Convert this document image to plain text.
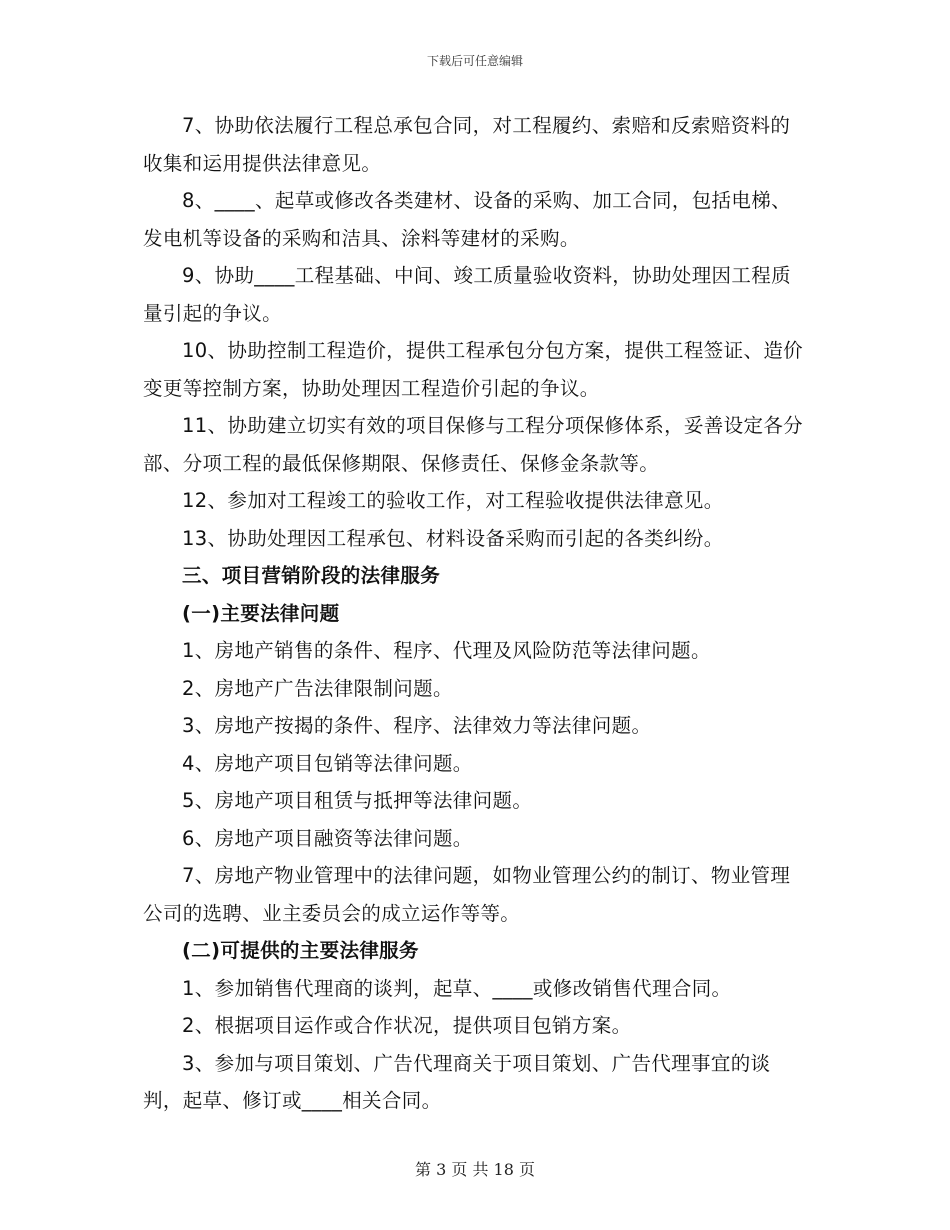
下载后可任意编辑

7、协助依法履行工程总承包合同，对工程履约、索赔和反索赔资料的收集和运用提供法律意见。

8、____、起草或修改各类建材、设备的采购、加工合同，包括电梯、发电机等设备的采购和洁具、涂料等建材的采购。

9、协助____工程基础、中间、竣工质量验收资料，协助处理因工程质量引起的争议。

10、协助控制工程造价，提供工程承包分包方案，提供工程签证、造价变更等控制方案，协助处理因工程造价引起的争议。

11、协助建立切实有效的项目保修与工程分项保修体系，妥善设定各分部、分项工程的最低保修期限、保修责任、保修金条款等。

12、参加对工程竣工的验收工作，对工程验收提供法律意见。

13、协助处理因工程承包、材料设备采购而引起的各类纠纷。

三、项目营销阶段的法律服务

(一)主要法律问题

1、房地产销售的条件、程序、代理及风险防范等法律问题。

2、房地产广告法律限制问题。

3、房地产按揭的条件、程序、法律效力等法律问题。

4、房地产项目包销等法律问题。

5、房地产项目租赁与抵押等法律问题。

6、房地产项目融资等法律问题。

7、房地产物业管理中的法律问题，如物业管理公约的制订、物业管理公司的选聘、业主委员会的成立运作等等。

(二)可提供的主要法律服务

1、参加销售代理商的谈判，起草、____或修改销售代理合同。

2、根据项目运作或合作状况，提供项目包销方案。

3、参加与项目策划、广告代理商关于项目策划、广告代理事宜的谈判，起草、修订或____相关合同。

第 3 页 共 18 页
